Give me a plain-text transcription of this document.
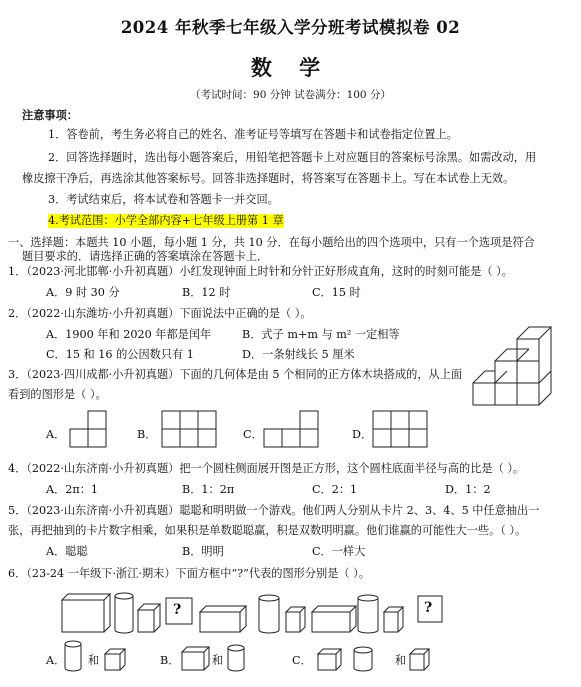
2024 年秋季七年级入学分班考试模拟卷 02
数 学
（考试时间：90 分钟 试卷满分：100 分）
注意事项：
1．答卷前，考生务必将自己的姓名、准考证号等填写在答题卡和试卷指定位置上。
2．回答选择题时，选出每小题答案后，用铅笔把答题卡上对应题目的答案标号涂黑。如需改动，用
橡皮擦干净后，再选涂其他答案标号。回答非选择题时，将答案写在答题卡上。写在本试卷上无效。
3．考试结束后，将本试卷和答题卡一并交回。
4.考试范围：小学全部内容+七年级上册第 1 章
一、选择题：本题共 10 小题，每小题 1 分，共 10 分．在每小题给出的四个选项中，只有一个选项是符合
题目要求的．请选择正确的答案填涂在答题卡上．
1．（2023·河北邯郸·小升初真题）小红发现钟面上时针和分针正好形成直角，这时的时刻可能是（ ）。
A．9 时 30 分	B．12 时	C．15 时
2．（2022·山东潍坊·小升初真题）下面说法中正确的是（ ）。
A．1900 年和 2020 年都是闰年	B．式子 m+m 与 m² 一定相等
C．15 和 16 的公因数只有 1	D．一条射线长 5 厘米
3．（2023·四川成都·小升初真题）下面的几何体是由 5 个相同的正方体木块搭成的，从上面
看到的图形是（ ）。
A．	B．	C．	D．
4．（2022·山东济南·小升初真题）把一个圆柱侧面展开图是正方形，这个圆柱底面半径与高的比是（ ）。
A．2π：1	B．1：2π	C．2：1	D．1：2
5．（2023·山东济南·小升初真题）聪聪和明明做一个游戏。他们两人分别从卡片 2、3、4、5 中任意抽出一
张，再把抽到的卡片数字相乘，如果积是单数聪聪赢，积是双数明明赢。他们谁赢的可能性大一些。（ ）。
A．聪聪	B．明明	C．一样大
6．（23-24 一年级下·浙江·期末）下面方框中“?”代表的图形分别是（ ）。
?	?
A． 和	B．	和	C．	和
